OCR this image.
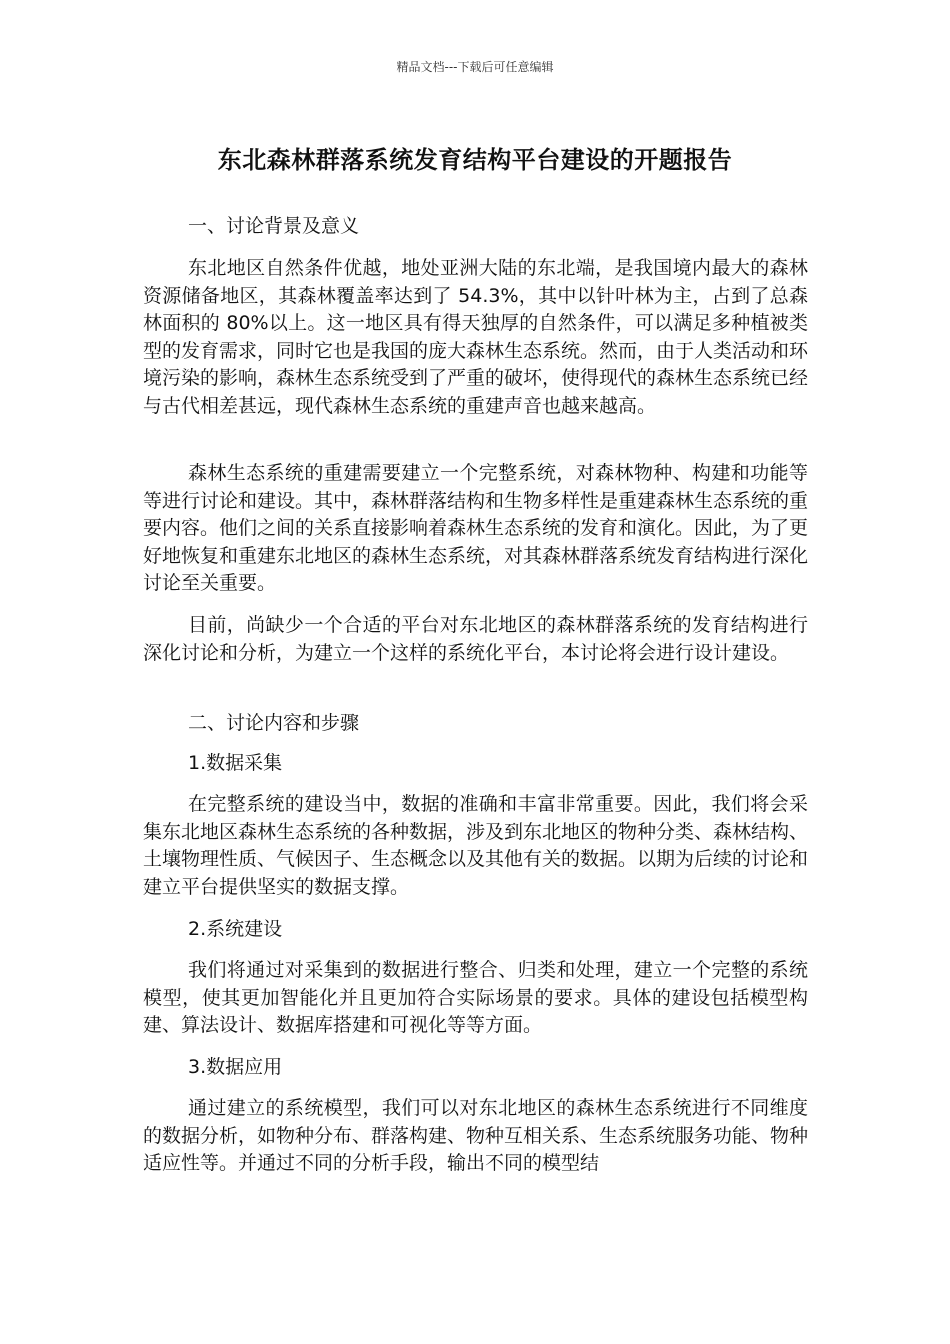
精品文档---下载后可任意编辑
东北森林群落系统发育结构平台建设的开题报告
一、讨论背景及意义

东北地区自然条件优越，地处亚洲大陆的东北端，是我国境内最大的森林资源储备地区，其森林覆盖率达到了 54.3%，其中以针叶林为主，占到了总森林面积的 80%以上。这一地区具有得天独厚的自然条件，可以满足多种植被类型的发育需求，同时它也是我国的庞大森林生态系统。然而，由于人类活动和环境污染的影响，森林生态系统受到了严重的破坏，使得现代的森林生态系统已经与古代相差甚远，现代森林生态系统的重建声音也越来越高。

森林生态系统的重建需要建立一个完整系统，对森林物种、构建和功能等等进行讨论和建设。其中，森林群落结构和生物多样性是重建森林生态系统的重要内容。他们之间的关系直接影响着森林生态系统的发育和演化。因此，为了更好地恢复和重建东北地区的森林生态系统，对其森林群落系统发育结构进行深化讨论至关重要。

目前，尚缺少一个合适的平台对东北地区的森林群落系统的发育结构进行深化讨论和分析，为建立一个这样的系统化平台，本讨论将会进行设计建设。

二、讨论内容和步骤
1.数据采集

在完整系统的建设当中，数据的准确和丰富非常重要。因此，我们将会采集东北地区森林生态系统的各种数据，涉及到东北地区的物种分类、森林结构、土壤物理性质、气候因子、生态概念以及其他有关的数据。以期为后续的讨论和建立平台提供坚实的数据支撑。

2.系统建设

我们将通过对采集到的数据进行整合、归类和处理，建立一个完整的系统模型，使其更加智能化并且更加符合实际场景的要求。具体的建设包括模型构建、算法设计、数据库搭建和可视化等等方面。

3.数据应用

通过建立的系统模型，我们可以对东北地区的森林生态系统进行不同维度的数据分析，如物种分布、群落构建、物种互相关系、生态系统服务功能、物种适应性等。并通过不同的分析手段，输出不同的模型结
